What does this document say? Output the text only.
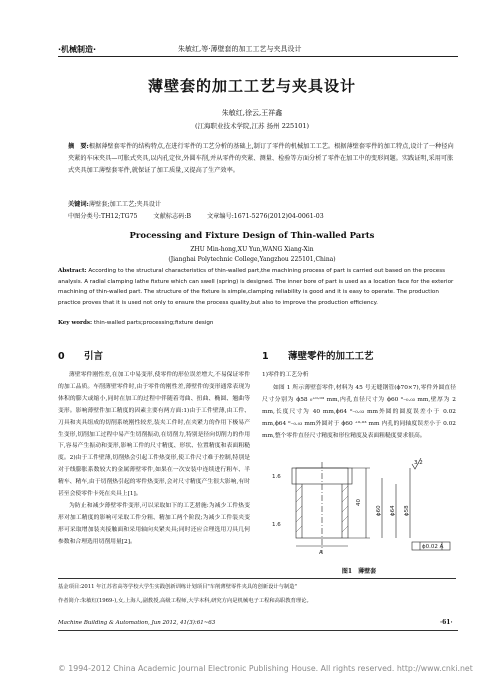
·机械制造·	朱敏红,等·薄壁套的加工工艺与夹具设计
薄壁套的加工工艺与夹具设计
朱敏红,徐云,王祥鑫
(江海职业技术学院,江苏 扬州 225101)
摘　要:根据薄壁套零件的结构特点,在进行零件的工艺分析的基础上,制订了零件的机械加工工艺。根据薄壁套零件的加工特点,设计了一种径向夹紧的车床夹具—可胀式夹具,以内孔定位,外圆车削,并从零件的夹紧、测量、检验等方面分析了零件在加工中的变形问题。实践证明,采用可胀式夹具加工薄壁套零件,就保证了加工质量,又提高了生产效率。
关键词:薄壁套;加工工艺;夹具设计
中图分类号:TH12;TG75	文献标志码:B	文章编号:1671-5276(2012)04-0061-03
Processing and Fixture Design of Thin-walled Parts
ZHU Min-hong,XU Yun,WANG Xiang-Xin
(Jianghai Polytechnic College,Yangzhou 225101,China)
Abstract: According to the structural characteristics of thin-walled part,the machining process of part is carried out based on the process analysis. A radial clamping lathe fixture which can swell (spring) is designed. The inner bore of part is used as a location face for the exterior machining of thin-walled part. The structure of the fixture is simple,clamping reliability is good and it is easy to operate. The production practice proves that it is used not only to ensure the process quality,but also to improve the production efficiency.
Key words: thin-walled parts;processing;fixture design
0 引言

薄壁零件刚性差,在加工中易变形,使零件的形位误差增大,不易保证零件的加工品质。车削薄壁零件时,由于零件的刚性差,薄壁件的变形通常表现为体积的膨大或缩小,同时在加工的过程中伴随着弯曲、扭曲、椭圆、翘曲等变形。影响薄壁件加工精度的因素主要有两方面:1)由于工件壁薄,由工件、刀具和夹具组成的切削系统刚性较差,装夹工件时,在夹紧力的作用下极易产生变形,切削加工过程中易产生切削振动,在切削力,特别是径向切削力的作用下,容易产生振动和变形,影响工件的尺寸精度、形状、位置精度和表面粗糙度。2)由于工件壁薄,切削热会引起工件热变形,使工件尺寸难于控制,特别是对于线膨胀系数较大的金属薄壁零件,如果在一次安装中连续进行粗车、半精车、精车,由于切削热引起的零件热变形,会对尺寸精度产生很大影响,有时甚至会使零件卡死在夹具上[1]。

为防止和减少薄壁零件变形,可以采取如下的工艺措施:为减少工件热变形对加工精度的影响可采取工件分粗、精加工两个阶段;为减少工件装夹变形可采取增加装夹接触面和采用轴向夹紧夹具;同时还应合理选用刀具几何参数和合理选用切削用量[2]。

1 薄壁零件的加工工艺
1)零件的工艺分析

如图 1 所示薄壁套零件,材料为 45 号无缝钢管(ϕ70×7),零件外圆直径尺寸分别为 ϕ58 ₀⁺⁰·⁰³ mm,内孔直径尺寸为 ϕ60 ⁰₋₀.₀₃ mm,壁厚为 2 mm,长度尺寸为 40 mm,ϕ64 ⁰₋₀.₀₃ mm外圆的圆度误差小于 0.02 mm,ϕ64 ⁰₋₀.₀₃ mm外圆对于 ϕ60 ⁺⁰·⁰³ mm 内孔的同轴度误差小于 0.02 mm,整个零件直径尺寸精度和形位精度及表面粗糙度要求很高。

3.2
1.6
1.6
40
ϕ0.02 A
ϕ60 ϕ64 ϕ58
A
图1　薄壁套
基金项目:2011 年江苏省高等学校大学生实践创新训练计划项目"车削薄壁零件夹具的创新设计与制造"
作者简介:朱敏红(1969-),女,上海人,副教授,高级工程师,大学本科,研究方向是机械电子工程和高职教育理论。
Machine Building & Automation, Jun 2012, 41(3):61~63	·61·
© 1994-2012 China Academic Journal Electronic Publishing House. All rights reserved. http://www.cnki.net
